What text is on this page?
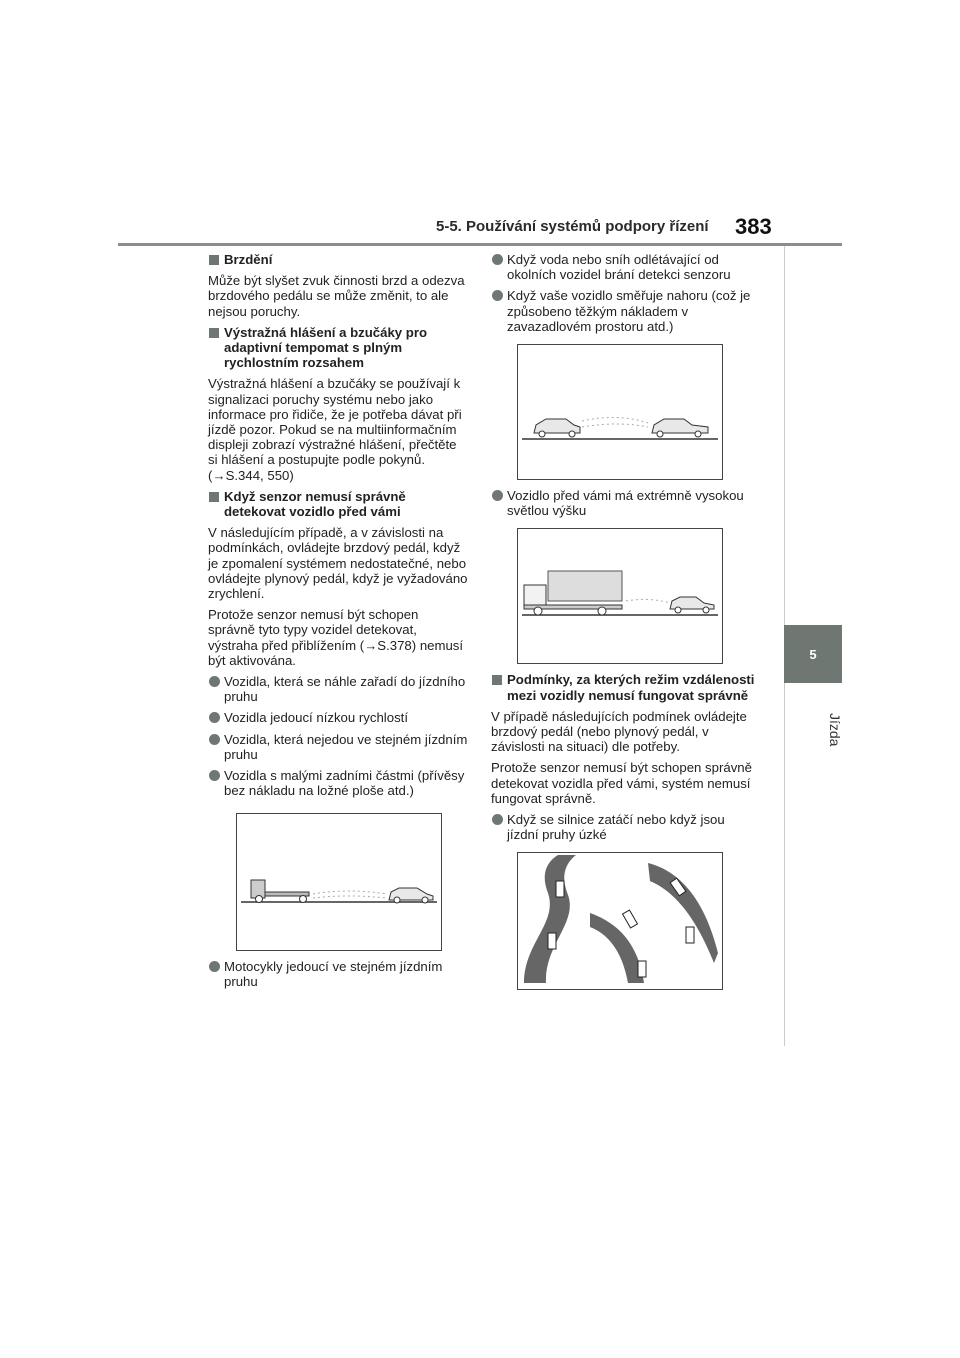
5-5. Používání systémů podpory řízení 383
5
Jízda
Brzdění

Může být slyšet zvuk činnosti brzd a odezva brzdového pedálu se může změnit, to ale nejsou poruchy.

Výstražná hlášení a bzučáky pro adaptivní tempomat s plným rychlostním rozsahem

Výstražná hlášení a bzučáky se používají k signalizaci poruchy systému nebo jako informace pro řidiče, že je potřeba dávat při jízdě pozor. Pokud se na multiinformačním displeji zobrazí výstražné hlášení, přečtěte si hlášení a postupujte podle pokynů. (→S.344, 550)

Když senzor nemusí správně detekovat vozidlo před vámi

V následujícím případě, a v závislosti na podmínkách, ovládejte brzdový pedál, když je zpomalení systémem nedostatečné, nebo ovládejte plynový pedál, když je vyžadováno zrychlení.

Protože senzor nemusí být schopen správně tyto typy vozidel detekovat, výstraha před přiblížením (→S.378) nemusí být aktivována.

Vozidla, která se náhle zařadí do jízdního pruhu
Vozidla jedoucí nízkou rychlostí
Vozidla, která nejedou ve stejném jízdním pruhu
Vozidla s malými zadními částmi (přívěsy bez nákladu na ložné ploše atd.)
Motocykly jedoucí ve stejném jízdním pruhu
Když voda nebo sníh odlétávající od okolních vozidel brání detekci senzoru
Když vaše vozidlo směřuje nahoru (což je způsobeno těžkým nákladem v zavazadlovém prostoru atd.)
Vozidlo před vámi má extrémně vysokou světlou výšku
Podmínky, za kterých režim vzdálenosti mezi vozidly nemusí fungovat správně

V případě následujících podmínek ovládejte brzdový pedál (nebo plynový pedál, v závislosti na situaci) dle potřeby.

Protože senzor nemusí být schopen správně detekovat vozidla před vámi, systém nemusí fungovat správně.

Když se silnice zatáčí nebo když jsou jízdní pruhy úzké
